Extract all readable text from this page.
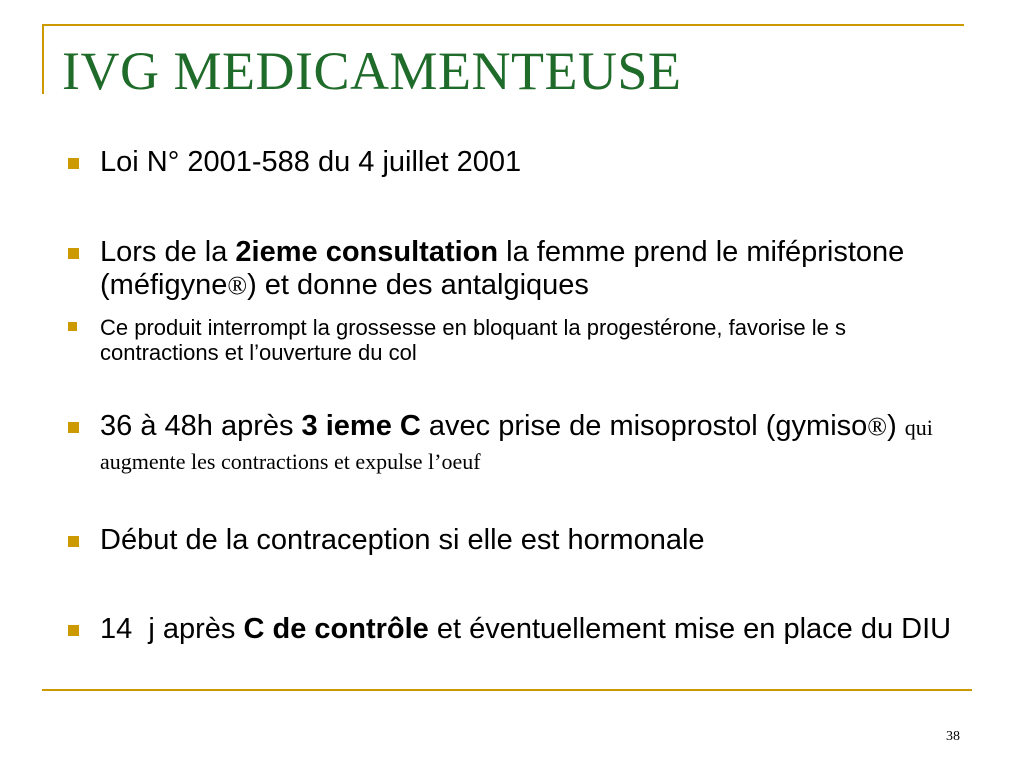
IVG MEDICAMENTEUSE
Loi N° 2001-588 du 4 juillet 2001
Lors de la 2ieme consultation la femme prend le mifépristone (méfigyne®) et donne des antalgiques
Ce produit interrompt la grossesse en bloquant la progestérone, favorise le s contractions et l’ouverture du col
36 à 48h après 3 ieme C avec prise de misoprostol (gymiso®) qui augmente les contractions et expulse l’oeuf
Début de la contraception si elle est hormonale
14  j après C de contrôle et éventuellement mise en place du DIU
38
